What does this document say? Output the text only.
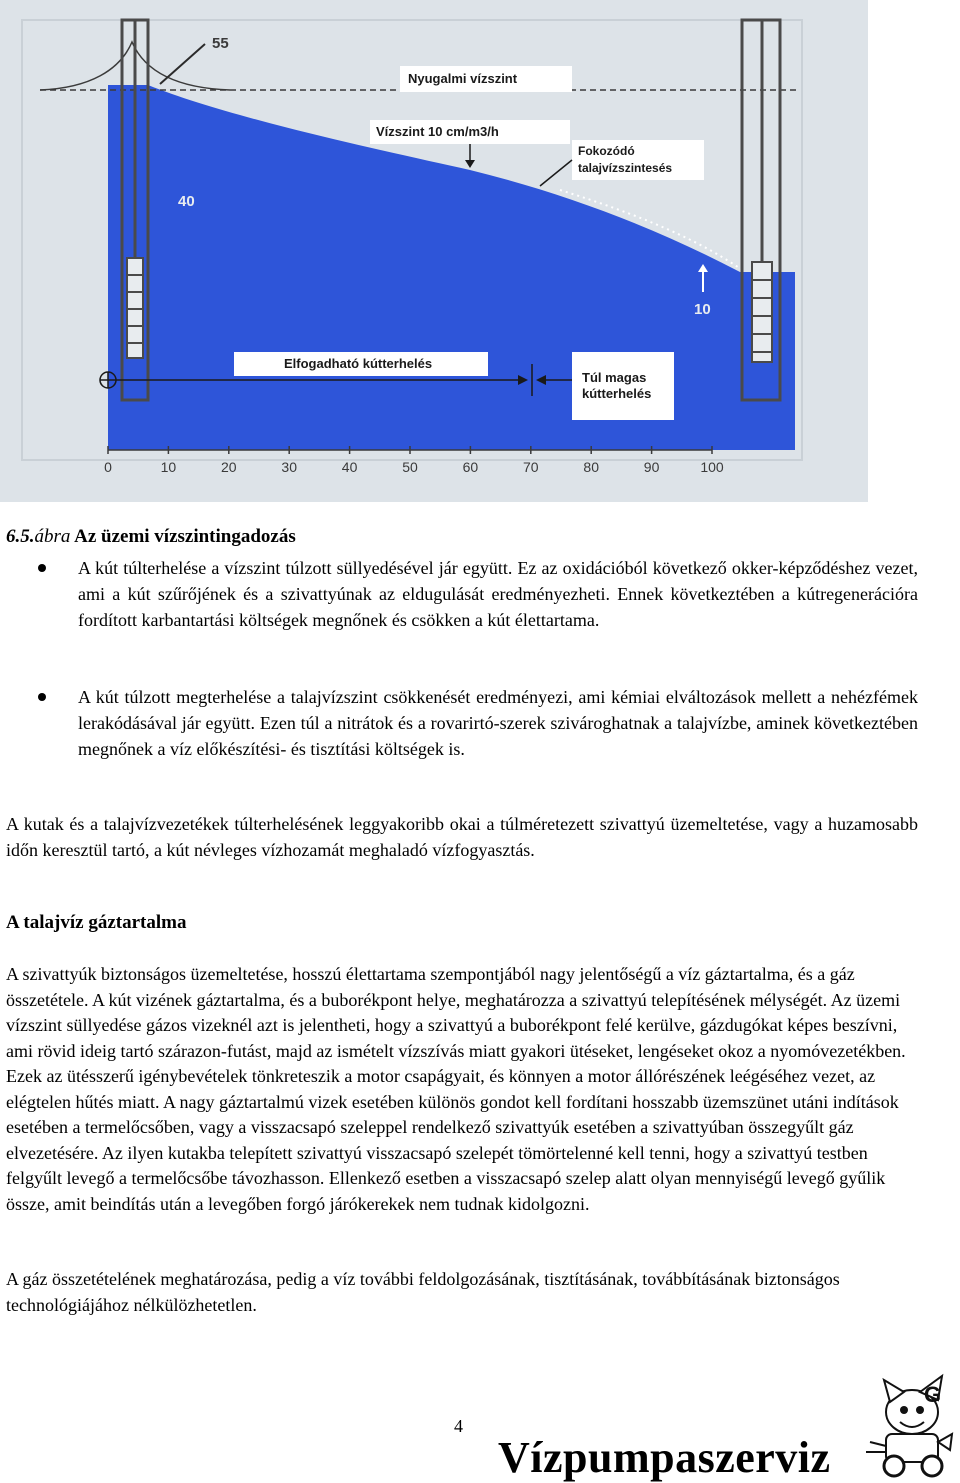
55
Nyugalmi vízszint
Vízszint 10 cm/m3/h
Fokozódó
talajvízszintesés
40
10
Elfogadható kútterhelés
Túl magas
kútterhelés
0	10	20	30	40	50	60	70	80	90	100
6.5.ábra Az üzemi vízszintingadozás

A kút túlterhelése a vízszint túlzott süllyedésével jár együtt. Ez az oxidációból következő okker-képződéshez vezet, ami a kút szűrőjének és a szivattyúnak az eldugulását eredményezheti. Ennek következtében a kútregenerációra fordított karbantartási költségek megnőnek és csökken a kút élettartama.

A kút túlzott megterhelése a talajvízszint csökkenését eredményezi, ami kémiai elváltozások mellett a nehézfémek lerakódásával jár együtt. Ezen túl a nitrátok és a rovarirtó-szerek szivároghatnak a talajvízbe, aminek következtében megnőnek a víz előkészítési- és tisztítási költségek is.

A kutak és a talajvízvezetékek túlterhelésének leggyakoribb okai a túlméretezett szivattyú üzemeltetése, vagy a huzamosabb időn keresztül tartó, a kút névleges vízhozamát meghaladó vízfogyasztás.

A talajvíz gáztartalma

A szivattyúk biztonságos üzemeltetése, hosszú élettartama szempontjából nagy jelentőségű a víz gáztartalma, és a gáz összetétele. A kút vizének gáztartalma, és a buborékpont helye, meghatározza a szivattyú telepítésének mélységét. Az üzemi vízszint süllyedése gázos vizeknél azt is jelentheti, hogy a szivattyú a buborékpont felé kerülve, gázdugókat képes beszívni, ami rövid ideig tartó szárazon-futást, majd az ismételt vízszívás miatt gyakori ütéseket, lengéseket okoz a nyomóvezetékben. Ezek az ütésszerű igénybevételek tönkreteszik a motor csapágyait, és könnyen a motor állórészének leégéséhez vezet, az elégtelen hűtés miatt. A nagy gáztartalmú vizek esetében különös gondot kell fordítani hosszabb üzemszünet utáni indítások esetében a termelőcsőben, vagy a visszacsapó szeleppel rendelkező szivattyúk esetében a szivattyúban összegyűlt gáz elvezetésére. Az ilyen kutakba telepített szivattyú visszacsapó szelepét tömörtelenné kell tenni, hogy a szivattyú testben felgyűlt levegő a termelőcsőbe távozhasson. Ellenkező esetben a visszacsapó szelep alatt olyan mennyiségű levegő gyűlik össze, amit beindítás után a levegőben forgó járókerekek nem tudnak kidolgozni.

A gáz összetételének meghatározása, pedig a víz további feldolgozásának, tisztításának, továbbításának biztonságos technológiájához nélkülözhetetlen.

4
Vízpumpaszerviz
G
